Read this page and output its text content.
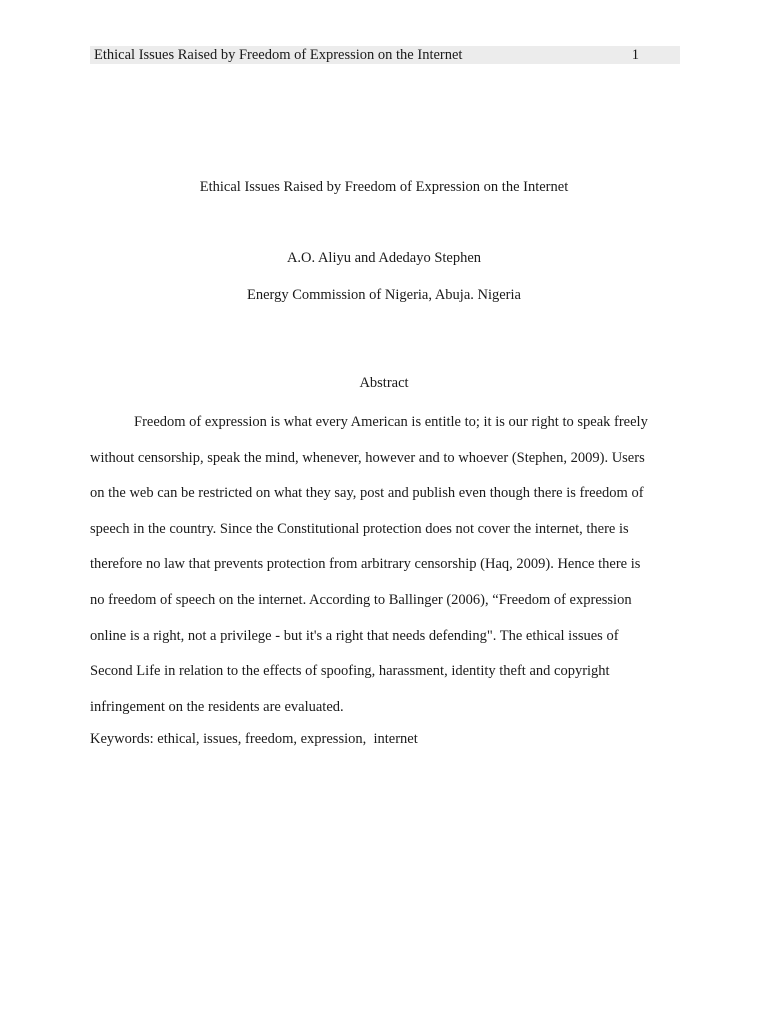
Ethical Issues Raised by Freedom of Expression on the Internet	1
Ethical Issues Raised by Freedom of Expression on the Internet
A.O. Aliyu and Adedayo Stephen
Energy Commission of Nigeria, Abuja. Nigeria
Abstract

Freedom of expression is what every American is entitle to; it is our right to speak freely
without censorship, speak the mind, whenever, however and to whoever (Stephen, 2009). Users
on the web can be restricted on what they say, post and publish even though there is freedom of
speech in the country. Since the Constitutional protection does not cover the internet, there is
therefore no law that prevents protection from arbitrary censorship (Haq, 2009). Hence there is
no freedom of speech on the internet. According to Ballinger (2006), “Freedom of expression
online is a right, not a privilege - but it's a right that needs defending". The ethical issues of
Second Life in relation to the effects of spoofing, harassment, identity theft and copyright
infringement on the residents are evaluated.

Keywords: ethical, issues, freedom, expression,  internet
